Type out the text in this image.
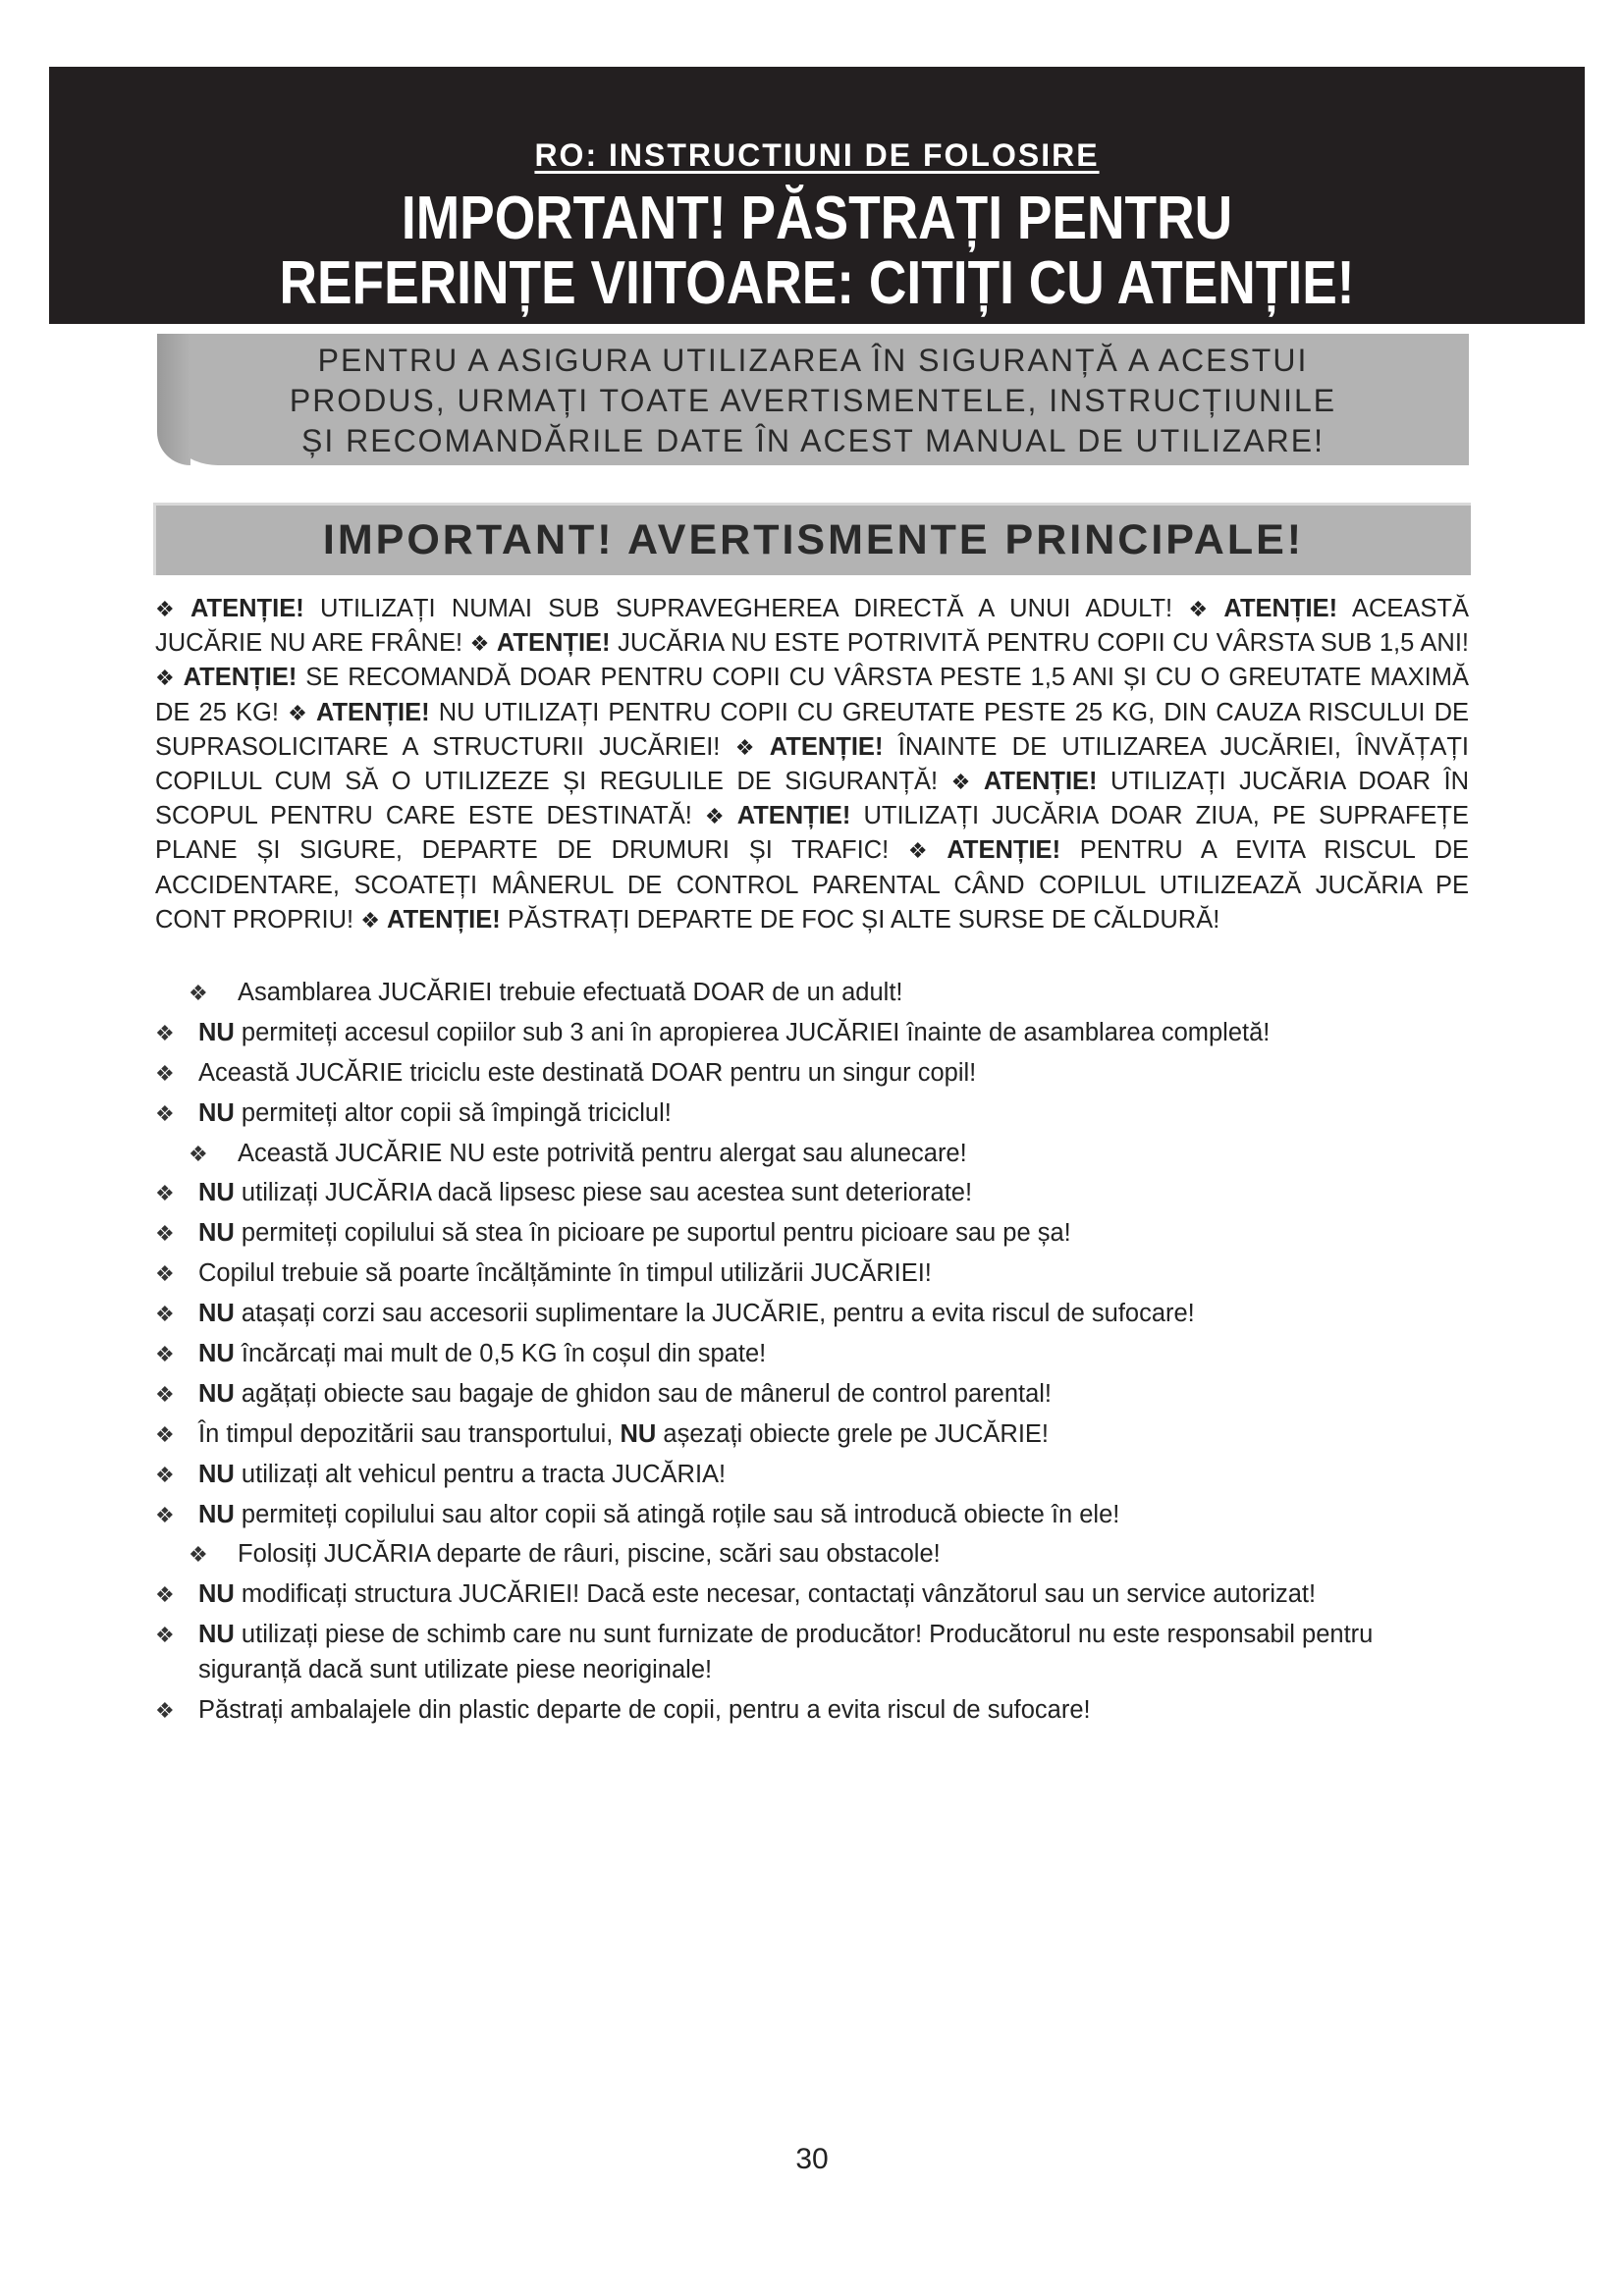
RO: INSTRUCTIUNI DE FOLOSIRE
IMPORTANT! PĂSTRAȚI PENTRU
REFERINȚE VIITOARE: CITIȚI CU ATENȚIE!
PENTRU A ASIGURA UTILIZAREA ÎN SIGURANȚĂ A ACESTUI
PRODUS, URMAȚI TOATE AVERTISMENTELE, INSTRUCȚIUNILE
ȘI RECOMANDĂRILE DATE ÎN ACEST MANUAL DE UTILIZARE!
IMPORTANT! AVERTISMENTE PRINCIPALE!

❖ ATENȚIE! UTILIZAȚI NUMAI SUB SUPRAVEGHEREA DIRECTĂ A UNUI ADULT! ❖ ATENȚIE! ACEASTĂ JUCĂRIE NU ARE FRÂNE! ❖ ATENȚIE! JUCĂRIA NU ESTE POTRIVITĂ PENTRU COPII CU VÂRSTA SUB 1,5 ANI! ❖ ATENȚIE! SE RECOMANDĂ DOAR PENTRU COPII CU VÂRSTA PESTE 1,5 ANI ȘI CU O GREUTATE MAXIMĂ DE 25 KG! ❖ ATENȚIE! NU UTILIZAȚI PENTRU COPII CU GREUTATE PESTE 25 KG, DIN CAUZA RISCULUI DE SUPRASOLICITARE A STRUCTURII JUCĂRIEI! ❖ ATENȚIE! ÎNAINTE DE UTILIZAREA JUCĂRIEI, ÎNVĂȚAȚI COPILUL CUM SĂ O UTILIZEZE ȘI REGULILE DE SIGURANȚĂ! ❖ ATENȚIE! UTILIZAȚI JUCĂRIA DOAR ÎN SCOPUL PENTRU CARE ESTE DESTINATĂ! ❖ ATENȚIE! UTILIZAȚI JUCĂRIA DOAR ZIUA, PE SUPRAFEȚE PLANE ȘI SIGURE, DEPARTE DE DRUMURI ȘI TRAFIC! ❖ ATENȚIE! PENTRU A EVITA RISCUL DE ACCIDENTARE, SCOATEȚI MÂNERUL DE CONTROL PARENTAL CÂND COPILUL UTILIZEAZĂ JUCĂRIA PE CONT PROPRIU! ❖ ATENȚIE! PĂSTRAȚI DEPARTE DE FOC ȘI ALTE SURSE DE CĂLDURĂ!

❖ Asamblarea JUCĂRIEI trebuie efectuată DOAR de un adult!
❖ NU permiteți accesul copiilor sub 3 ani în apropierea JUCĂRIEI înainte de asamblarea completă!
❖ Această JUCĂRIE triciclu este destinată DOAR pentru un singur copil!
❖ NU permiteți altor copii să împingă triciclul!
❖ Această JUCĂRIE NU este potrivită pentru alergat sau alunecare!
❖ NU utilizați JUCĂRIA dacă lipsesc piese sau acestea sunt deteriorate!
❖ NU permiteți copilului să stea în picioare pe suportul pentru picioare sau pe șa!
❖ Copilul trebuie să poarte încălțăminte în timpul utilizării JUCĂRIEI!
❖ NU atașați corzi sau accesorii suplimentare la JUCĂRIE, pentru a evita riscul de sufocare!
❖ NU încărcați mai mult de 0,5 KG în coșul din spate!
❖ NU agățați obiecte sau bagaje de ghidon sau de mânerul de control parental!
❖ În timpul depozitării sau transportului, NU așezați obiecte grele pe JUCĂRIE!
❖ NU utilizați alt vehicul pentru a tracta JUCĂRIA!
❖ NU permiteți copilului sau altor copii să atingă roțile sau să introducă obiecte în ele!
❖ Folosiți JUCĂRIA departe de râuri, piscine, scări sau obstacole!
❖ NU modificați structura JUCĂRIEI! Dacă este necesar, contactați vânzătorul sau un service autorizat!
❖ NU utilizați piese de schimb care nu sunt furnizate de producător! Producătorul nu este responsabil pentru siguranță dacă sunt utilizate piese neoriginale!
❖ Păstrați ambalajele din plastic departe de copii, pentru a evita riscul de sufocare!
30
